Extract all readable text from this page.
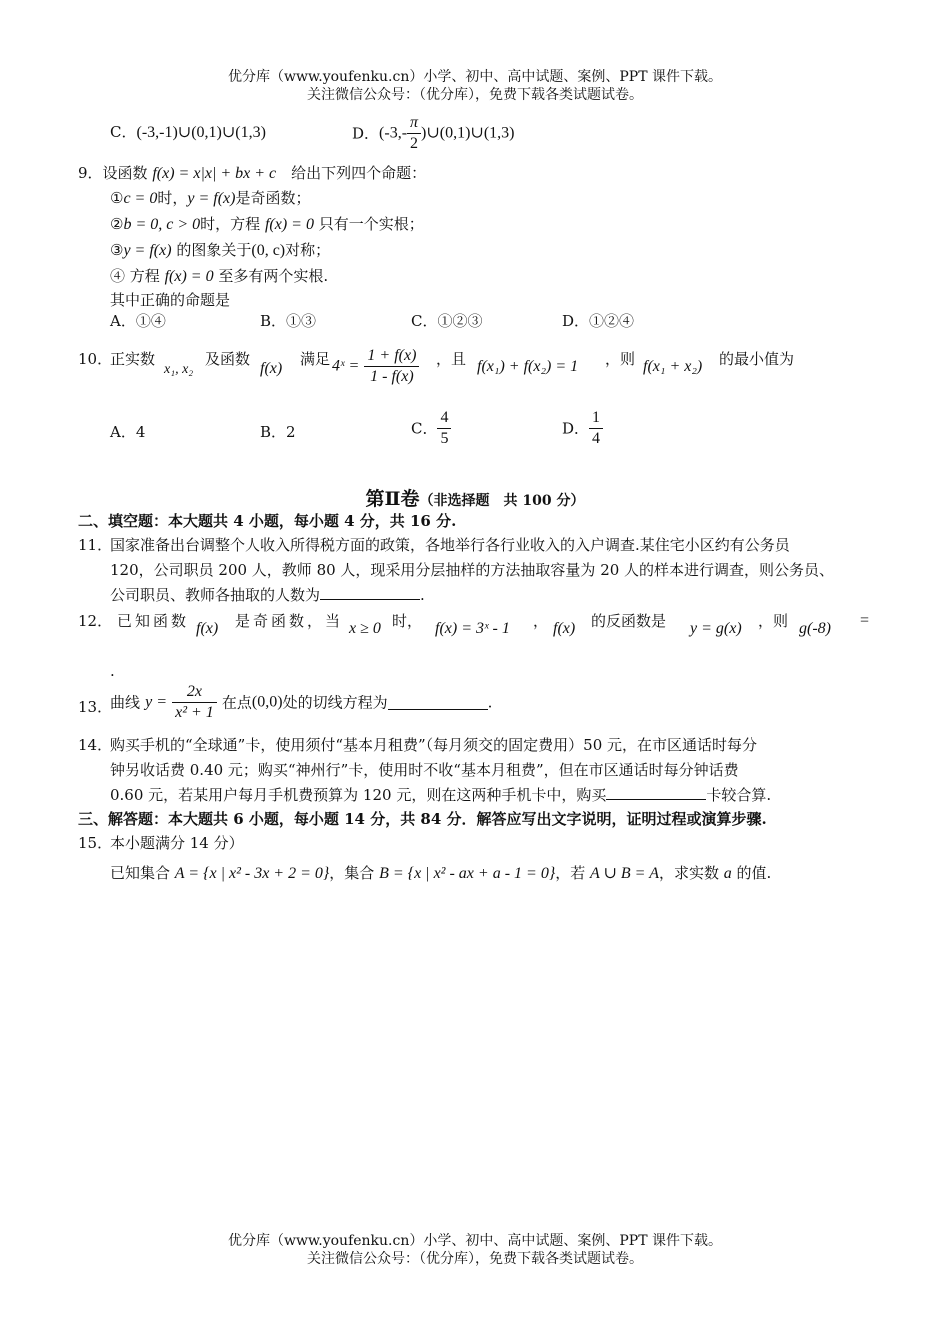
优分库（www.youfenku.cn）小学、初中、高中试题、案例、PPT 课件下载。
关注微信公众号：（优分库），免费下载各类试题试卷。
C．(-3,-1)∪(0,1)∪(1,3)	D．($-3,- \frac{\pi}{2}$ )∪(0,1)∪(1,3)
9．设函数 f(x) = x|x| + bx + c　 给出下列四个命题：
①c = 0时，y = f(x)是奇函数；
②b = 0, c > 0时，方程 f(x) = 0 只有一个实根；
③y = f(x) 的图象关于(0, c)对称；
④ 方程 f(x) = 0 至多有两个实根.
其中正确的命题是
A．①④	B．①③	C．①②③	D．①②④
10．
正实数
x₁, x₂
及函数
f(x)
满足 4ˣ = $\frac{1 + f(x)}{1 - f(x)}$ ，且 f(x₁) + f(x₂) = 1 ，则 f(x₁ + x₂) 的最小值为
A．4	B．2	C． $\frac{4}{5}$	D． $\frac{1}{4}$
第Ⅱ卷（非选择题　共 100 分）
二、填空题：本大题共 4 小题，每小题 4 分，共 16 分.
11．
国家准备出台调整个人收入所得税方面的政策，各地举行各行业收入的入户调查.某住宅小区约有公务员
120，公司职员 200 人，教师 80 人，现采用分层抽样的方法抽取容量为 20 人的样本进行调查，则公务员、
公司职员、教师各抽取的人数为	.
12． 已知函数 f(x) 是奇函数，当 x ≥ 0 时， f(x) = 3ˣ - 1 ， f(x) 的反函数是 y = g(x) ，则 g(-8) =
.
13．
曲线 $y = \frac{2x}{\text{x² + 1}}$ 在点(0,0)处的切线方程为	.
14．
购买手机的“全球通”卡，使用须付“基本月租费”（每月须交的固定费用）50 元，在市区通话时每分
钟另收话费 0.40 元；购买“神州行”卡，使用时不收“基本月租费”，但在市区通话时每分钟话费
0.60 元，若某用户每月手机费预算为 120 元，则在这两种手机卡中，购买	卡较合算.
三、解答题：本大题共 6 小题，每小题 14 分，共 84 分．解答应写出文字说明，证明过程或演算步骤.
15．
本小题满分 14 分）
已知集合 A = {x | x² - 3x + 2 = 0}，集合 B = {x | x² - ax + a - 1 = 0}，若 A ∪ B = A，求实数 a 的值.
优分库（www.youfenku.cn）小学、初中、高中试题、案例、PPT 课件下载。
关注微信公众号：（优分库），免费下载各类试题试卷。
